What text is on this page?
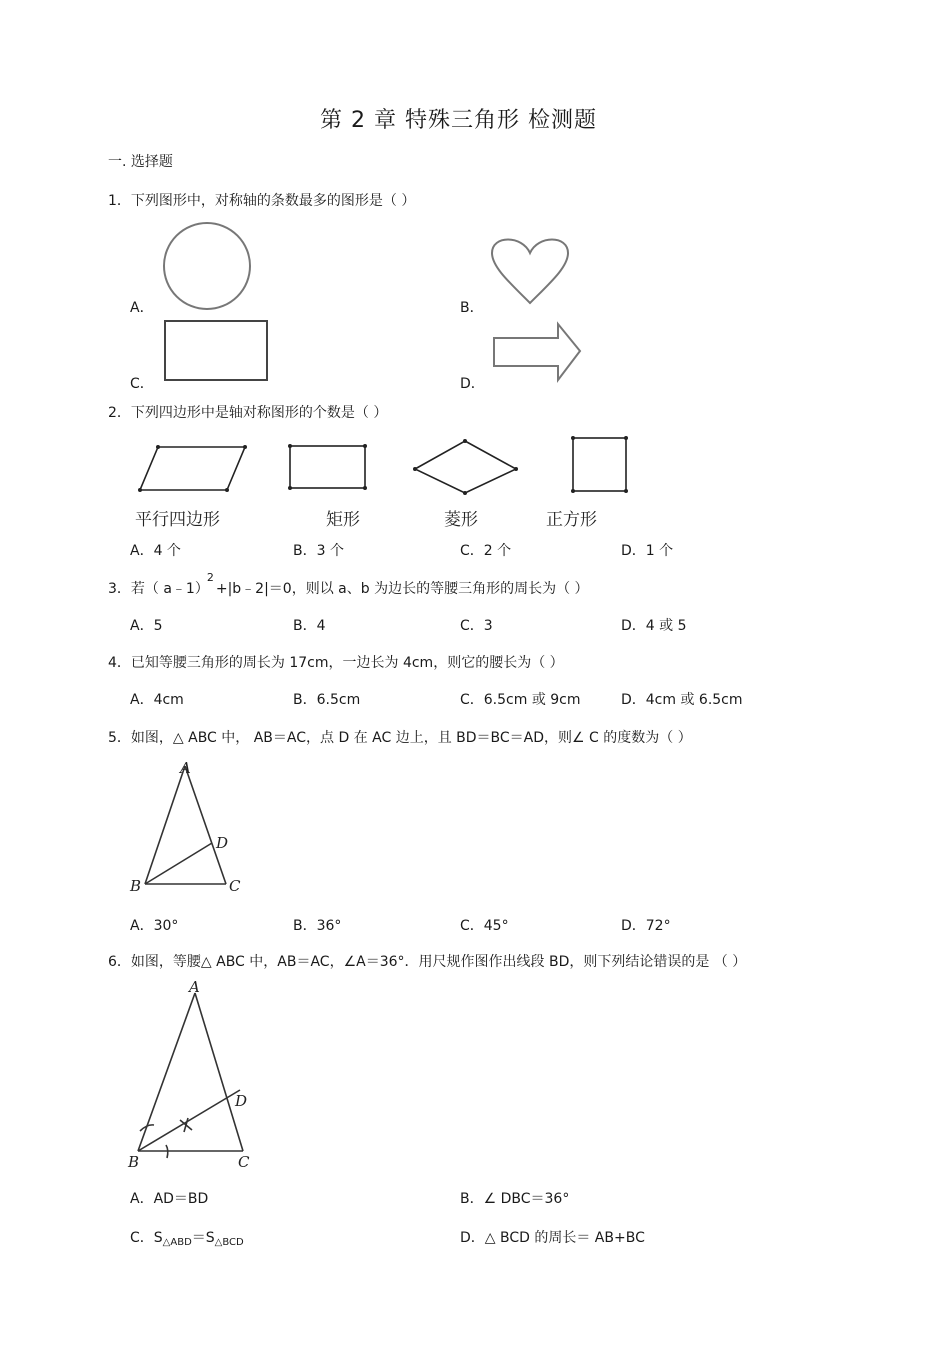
第 2 章 特殊三角形 检测题
一. 选择题
1．下列图形中，对称轴的条数最多的图形是（ ）
A．	B．
C．	D．
2．下列四边形中是轴对称图形的个数是（ ）
平行四边形	矩形	菱形	正方形
A．4 个	B．3 个	C．2 个	D．1 个
3．若（ a﹣1）$^2$+|b﹣2|＝0，则以 a、b 为边长的等腰三角形的周长为（ ）
A．5	B．4	C．3	D．4 或 5
4．已知等腰三角形的周长为 17cm，一边长为 4cm，则它的腰长为（ ）
A．4cm	B．6.5cm	C．6.5cm 或 9cm	D．4cm 或 6.5cm
5．如图，△ ABC 中， AB＝AC，点 D 在 AC 边上，且 BD＝BC＝AD，则∠ C 的度数为（ ）
A
B	C
D
A．30°	B．36°	C．45°	D．72°
6．如图，等腰△ ABC 中，AB＝AC，∠A＝36°．用尺规作图作出线段 BD，则下列结论错误的是 （ ）
A
B	C
D
A．AD＝BD	B．∠ DBC＝36°
C．$S_{\triangle ABD}=S_{\triangle BCD}$	D．△ BCD 的周长＝ AB+BC
